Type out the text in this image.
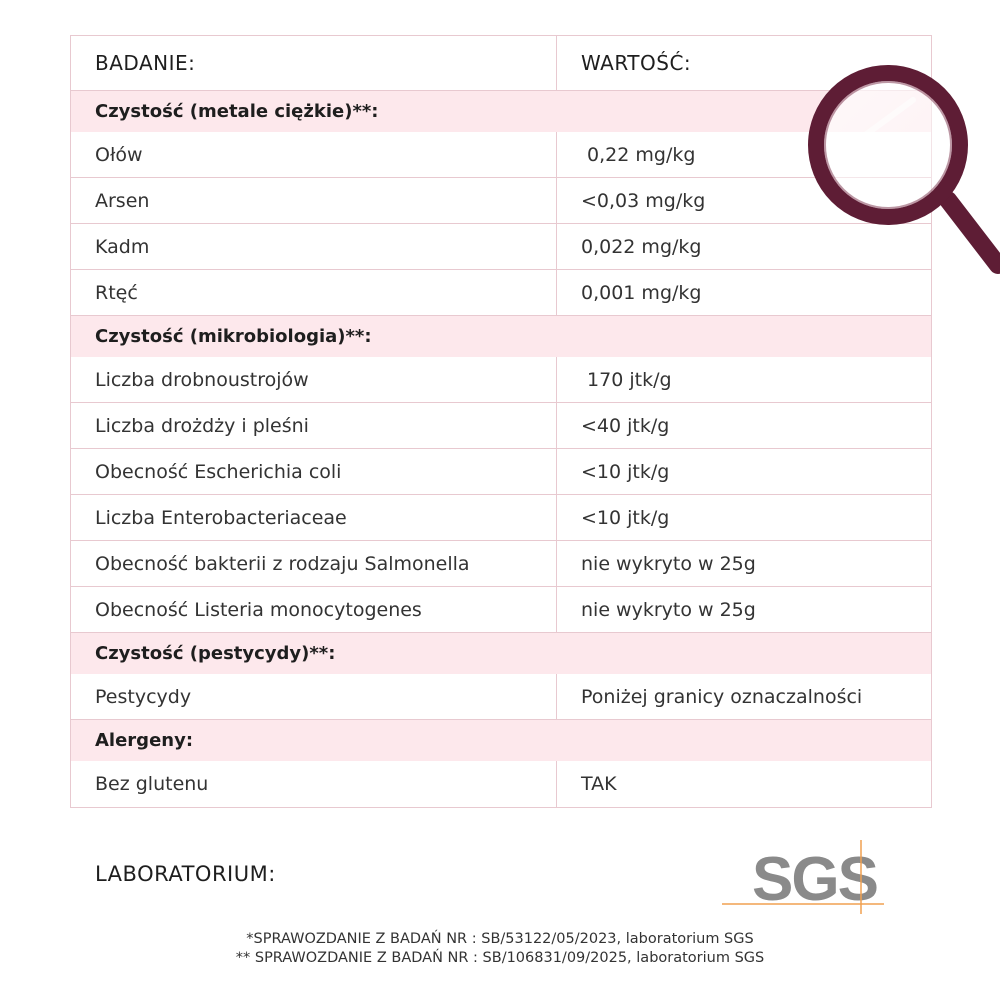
BADANIE:	WARTOŚĆ:
Czystość (metale ciężkie)**:
Ołów	0,22 mg/kg
Arsen	<0,03 mg/kg
Kadm	0,022 mg/kg
Rtęć	0,001 mg/kg
Czystość (mikrobiologia)**:
Liczba drobnoustrojów	170 jtk/g
Liczba drożdży i pleśni	<40 jtk/g
Obecność Escherichia coli	<10 jtk/g
Liczba Enterobacteriaceae	<10 jtk/g
Obecność bakterii z rodzaju Salmonella	nie wykryto w 25g
Obecność Listeria monocytogenes	nie wykryto w 25g
Czystość (pestycydy)**:
Pestycydy	Poniżej granicy oznaczalności
Alergeny:
Bez glutenu	TAK
LABORATORIUM:	SGS
*SPRAWOZDANIE Z BADAŃ NR : SB/53122/05/2023, laboratorium SGS
** SPRAWOZDANIE Z BADAŃ NR : SB/106831/09/2025, laboratorium SGS
